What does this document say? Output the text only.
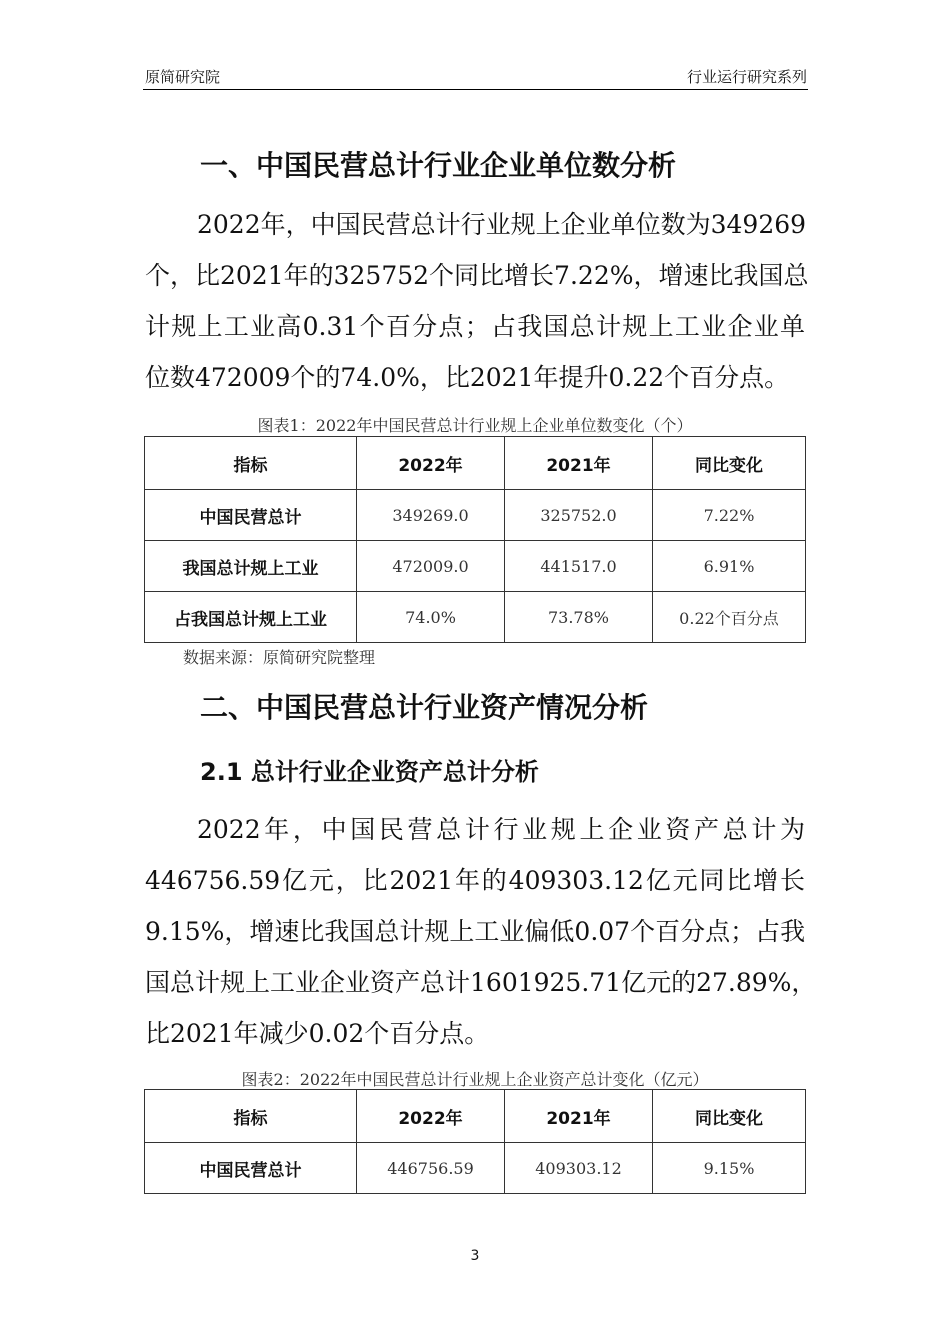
原简研究院	行业运行研究系列
一、中国民营总计行业企业单位数分析
2022年，中国民营总计行业规上企业单位数为349269
个，比2021年的325752个同比增长7.22%，增速比我国总
计规上工业高0.31个百分点；占我国总计规上工业企业单
位数472009个的74.0%，比2021年提升0.22个百分点。
图表1：2022年中国民营总计行业规上企业单位数变化（个）
指标	2022年	2021年	同比变化
中国民营总计	349269.0	325752.0	7.22%
我国总计规上工业	472009.0	441517.0	6.91%
占我国总计规上工业	74.0%	73.78%	0.22个百分点
数据来源：原简研究院整理
二、中国民营总计行业资产情况分析
2.1 总计行业企业资产总计分析
2022年，中国民营总计行业规上企业资产总计为
446756.59亿元，比2021年的409303.12亿元同比增长
9.15%，增速比我国总计规上工业偏低0.07个百分点；占我
国总计规上工业企业资产总计1601925.71亿元的27.89%，
比2021年减少0.02个百分点。
图表2：2022年中国民营总计行业规上企业资产总计变化（亿元）
指标	2022年	2021年	同比变化
中国民营总计	446756.59	409303.12	9.15%
3
